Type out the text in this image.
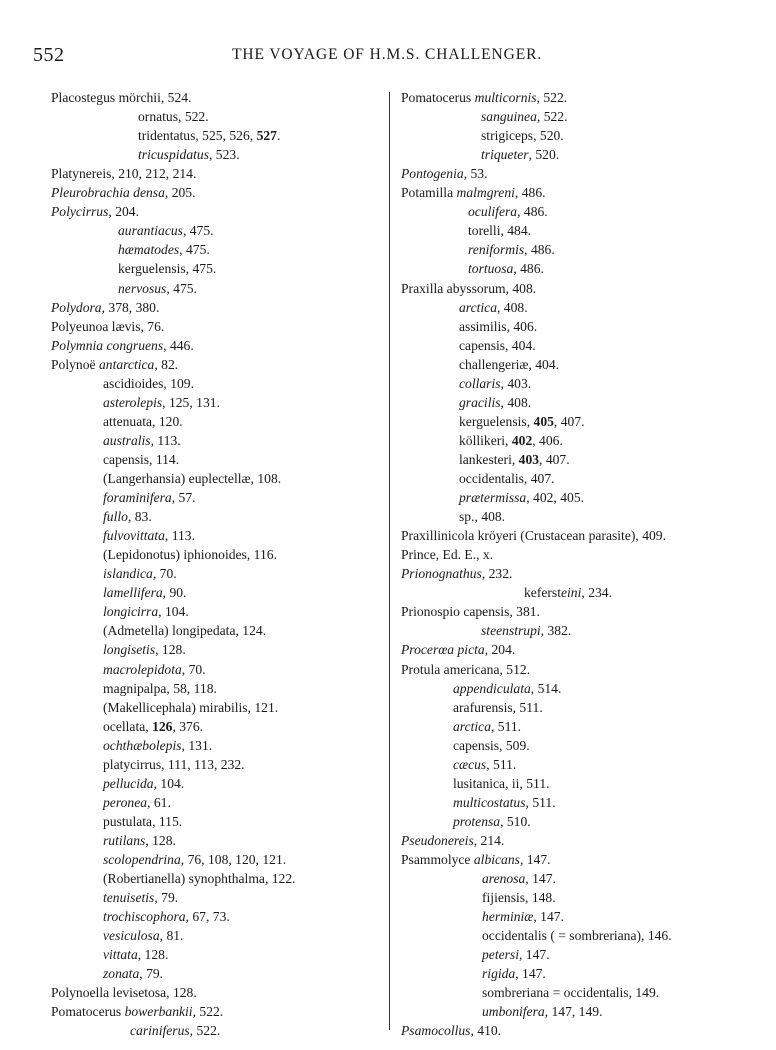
552	THE VOYAGE OF H.M.S. CHALLENGER.
Placostegus mörchii, 524.
ornatus, 522.
tridentatus, 525, 526, 527.
tricuspidatus, 523.
Platynereis, 210, 212, 214.
Pleurobrachia densa, 205.
Polycirrus, 204.
aurantiacus, 475.
hæmatodes, 475.
kerguelensis, 475.
nervosus, 475.
Polydora, 378, 380.
Polyeunoa lævis, 76.
Polymnia congruens, 446.
Polynoë antarctica, 82.
ascidioides, 109.
asterolepis, 125, 131.
attenuata, 120.
australis, 113.
capensis, 114.
(Langerhansia) euplectellæ, 108.
foraminifera, 57.
fullo, 83.
fulvovittata, 113.
(Lepidonotus) iphionoides, 116.
islandica, 70.
lamellifera, 90.
longicirra, 104.
(Admetella) longipedata, 124.
longisetis, 128.
macrolepidota, 70.
magnipalpa, 58, 118.
(Makellicephala) mirabilis, 121.
ocellata, 126, 376.
ochthæbolepis, 131.
platycirrus, 111, 113, 232.
pellucida, 104.
peronea, 61.
pustulata, 115.
rutilans, 128.
scolopendrina, 76, 108, 120, 121.
(Robertianella) synophthalma, 122.
tenuisetis, 79.
trochiscophora, 67, 73.
vesiculosa, 81.
vittata, 128.
zonata, 79.
Polynoella levisetosa, 128.
Pomatocerus bowerbankii, 522.
cariniferus, 522.
Pomatocerus multicornis, 522.
sanguinea, 522.
strigiceps, 520.
triqueter, 520.
Pontogenia, 53.
Potamilla malmgreni, 486.
oculifera, 486.
torelli, 484.
reniformis, 486.
tortuosa, 486.
Praxilla abyssorum, 408.
arctica, 408.
assimilis, 406.
capensis, 404.
challengeriæ, 404.
collaris, 403.
gracilis, 408.
kerguelensis, 405, 407.
köllikeri, 402, 406.
lankesteri, 403, 407.
occidentalis, 407.
prætermissa, 402, 405.
sp., 408.
Praxillinicola kröyeri (Crustacean parasite), 409.
Prince, Ed. E., x.
Prionognathus, 232.
kefersteini, 234.
Prionospio capensis, 381.
steenstrupi, 382.
Procerœa picta, 204.
Protula americana, 512.
appendiculata, 514.
arafurensis, 511.
arctica, 511.
capensis, 509.
cæcus, 511.
lusitanica, ii, 511.
multicostatus, 511.
protensa, 510.
Pseudonereis, 214.
Psammolyce albicans, 147.
arenosa, 147.
fijiensis, 148.
herminiæ, 147.
occidentalis ( = sombreriana), 146.
petersi, 147.
rigida, 147.
sombreriana = occidentalis, 149.
umbonifera, 147, 149.
Psamocollus, 410.
